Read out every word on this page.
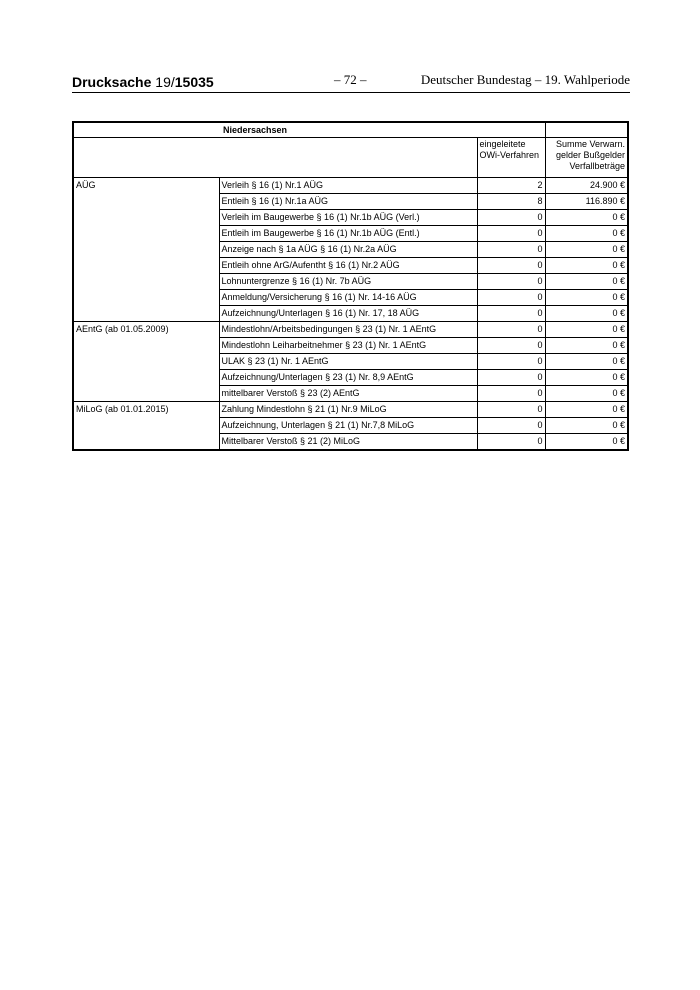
Drucksache 19/15035	– 72 –	Deutscher Bundestag – 19. Wahlperiode
Niedersachsen			
		eingeleitete OWi-Verfahren	Summe Verwarn. gelder Bußgelder Verfallbeträge
AÜG	Verleih § 16 (1) Nr.1 AÜG	2	24.900 €
	Entleih § 16 (1) Nr.1a AÜG	8	116.890 €
	Verleih im Baugewerbe § 16 (1) Nr.1b AÜG (Verl.)	0	0 €
	Entleih im Baugewerbe § 16 (1) Nr.1b AÜG (Entl.)	0	0 €
	Anzeige nach § 1a AÜG § 16 (1) Nr.2a AÜG	0	0 €
	Entleih ohne ArG/Aufentht § 16 (1) Nr.2 AÜG	0	0 €
	Lohnuntergrenze § 16 (1) Nr. 7b AÜG	0	0 €
	Anmeldung/Versicherung § 16 (1) Nr. 14-16 AÜG	0	0 €
	Aufzeichnung/Unterlagen § 16 (1) Nr. 17, 18 AÜG	0	0 €
AEntG (ab 01.05.2009)	Mindestlohn/Arbeitsbedingungen § 23 (1) Nr. 1 AEntG	0	0 €
	Mindestlohn Leiharbeitnehmer § 23 (1) Nr. 1 AEntG	0	0 €
	ULAK § 23 (1) Nr. 1 AEntG	0	0 €
	Aufzeichnung/Unterlagen § 23 (1) Nr. 8,9 AEntG	0	0 €
	mittelbarer Verstoß § 23 (2) AEntG	0	0 €
MiLoG (ab 01.01.2015)	Zahlung Mindestlohn § 21 (1) Nr.9 MiLoG	0	0 €
	Aufzeichnung, Unterlagen § 21 (1) Nr.7,8 MiLoG	0	0 €
	Mittelbarer Verstoß § 21 (2) MiLoG	0	0 €
